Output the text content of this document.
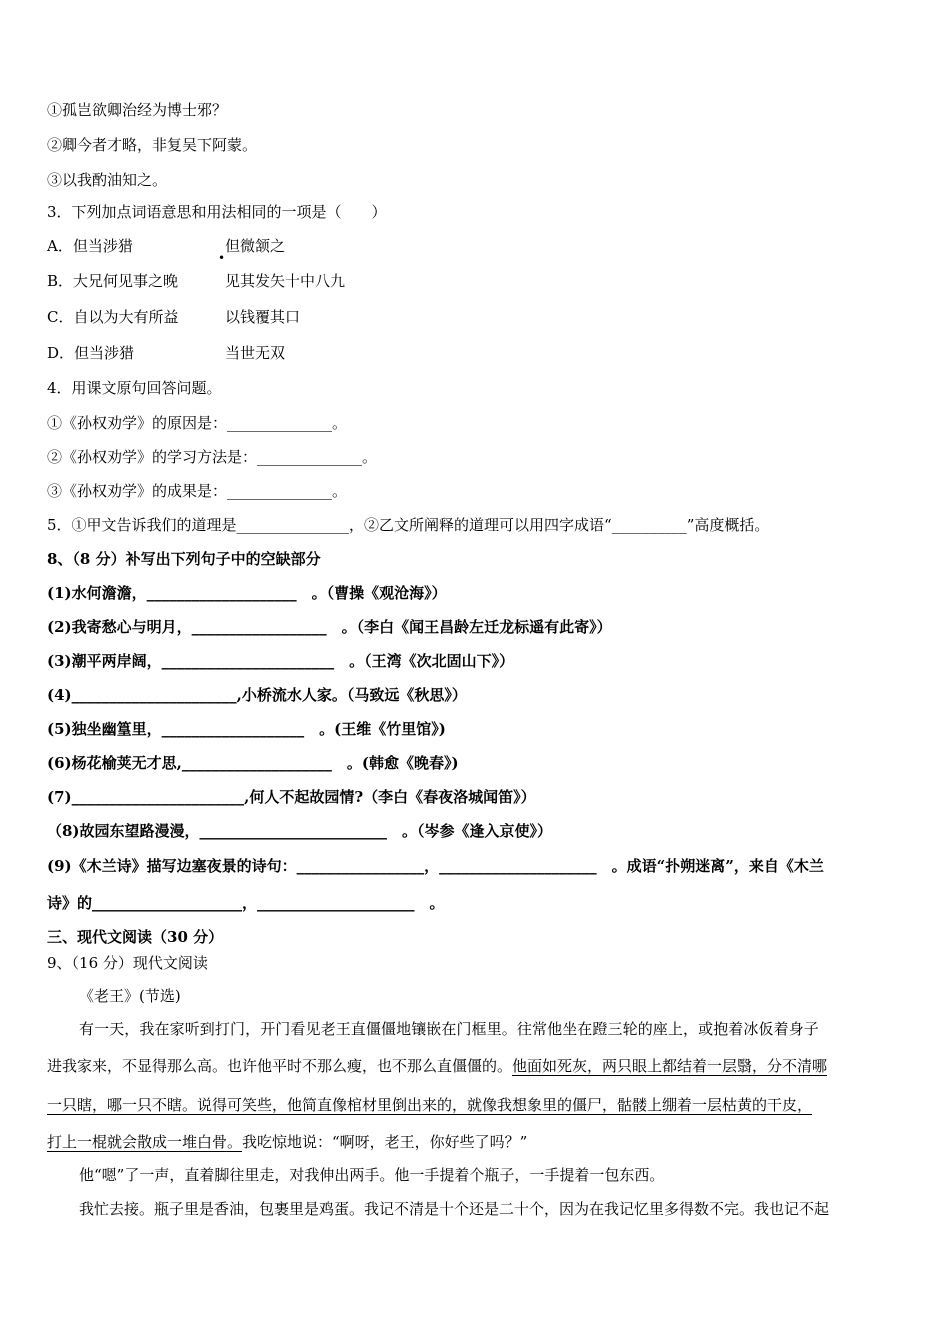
①孤岂欲卿治经为博士邪？
②卿今者才略，非复吴下阿蒙。
③以我酌油知之。
3．下列加点词语意思和用法相同的一项是（　　）
A．但当涉猎	但微颔之
•
B．大兄何见事之晚	见其发矢十中八九
C．自以为大有所益	以钱覆其口
D．但当涉猎	当世无双
4．用课文原句回答问题。
①《孙权劝学》的原因是：______________。
②《孙权劝学》的学习方法是：______________。
③《孙权劝学》的成果是：______________。
5．①甲文告诉我们的道理是_______________，②乙文所阐释的道理可以用四字成语“__________”高度概括。
8、（8 分）补写出下列句子中的空缺部分
(1)水何澹澹，____________________　。（曹操《观沧海》）
(2)我寄愁心与明月，__________________　。（李白《闻王昌龄左迁龙标遥有此寄》）
(3)潮平两岸阔，_______________________　。（王湾《次北固山下》）
(4)______________________,小桥流水人家。（马致远《秋思》）
(5)独坐幽篁里，___________________　。(王维《竹里馆》)
(6)杨花榆荚无才思,____________________　。(韩愈《晚春》)
(7)_______________________,何人不起故园情?（李白《春夜洛城闻笛》）
（8)故园东望路漫漫，_________________________　。（岑参《逢入京使》）
(9)《木兰诗》描写边塞夜景的诗句：_________________，_____________________　。成语“扑朔迷离”，来自《木兰
诗》的____________________，_____________________　。
三、现代文阅读（30 分）
9、（16 分）现代文阅读
《老王》(节选)
有一天，我在家听到打门，开门看见老王直僵僵地镶嵌在门框里。往常他坐在蹬三轮的座上，或抱着冰仮着身子
进我家来，不显得那么高。也许他平时不那么瘦，也不那么直僵僵的。他面如死灰，两只眼上都结着一层翳，分不清哪
一只瞎，哪一只不瞎。说得可笑些，他简直像棺材里倒出来的，就像我想象里的僵尸，骷髅上绷着一层枯黄的干皮，
打上一棍就会散成一堆白骨。我吃惊地说：“啊呀，老王，你好些了吗？”
他“嗯”了一声，直着脚往里走，对我伸出两手。他一手提着个瓶子，一手提着一包东西。
我忙去接。瓶子里是香油，包裹里是鸡蛋。我记不清是十个还是二十个，因为在我记忆里多得数不完。我也记不起
